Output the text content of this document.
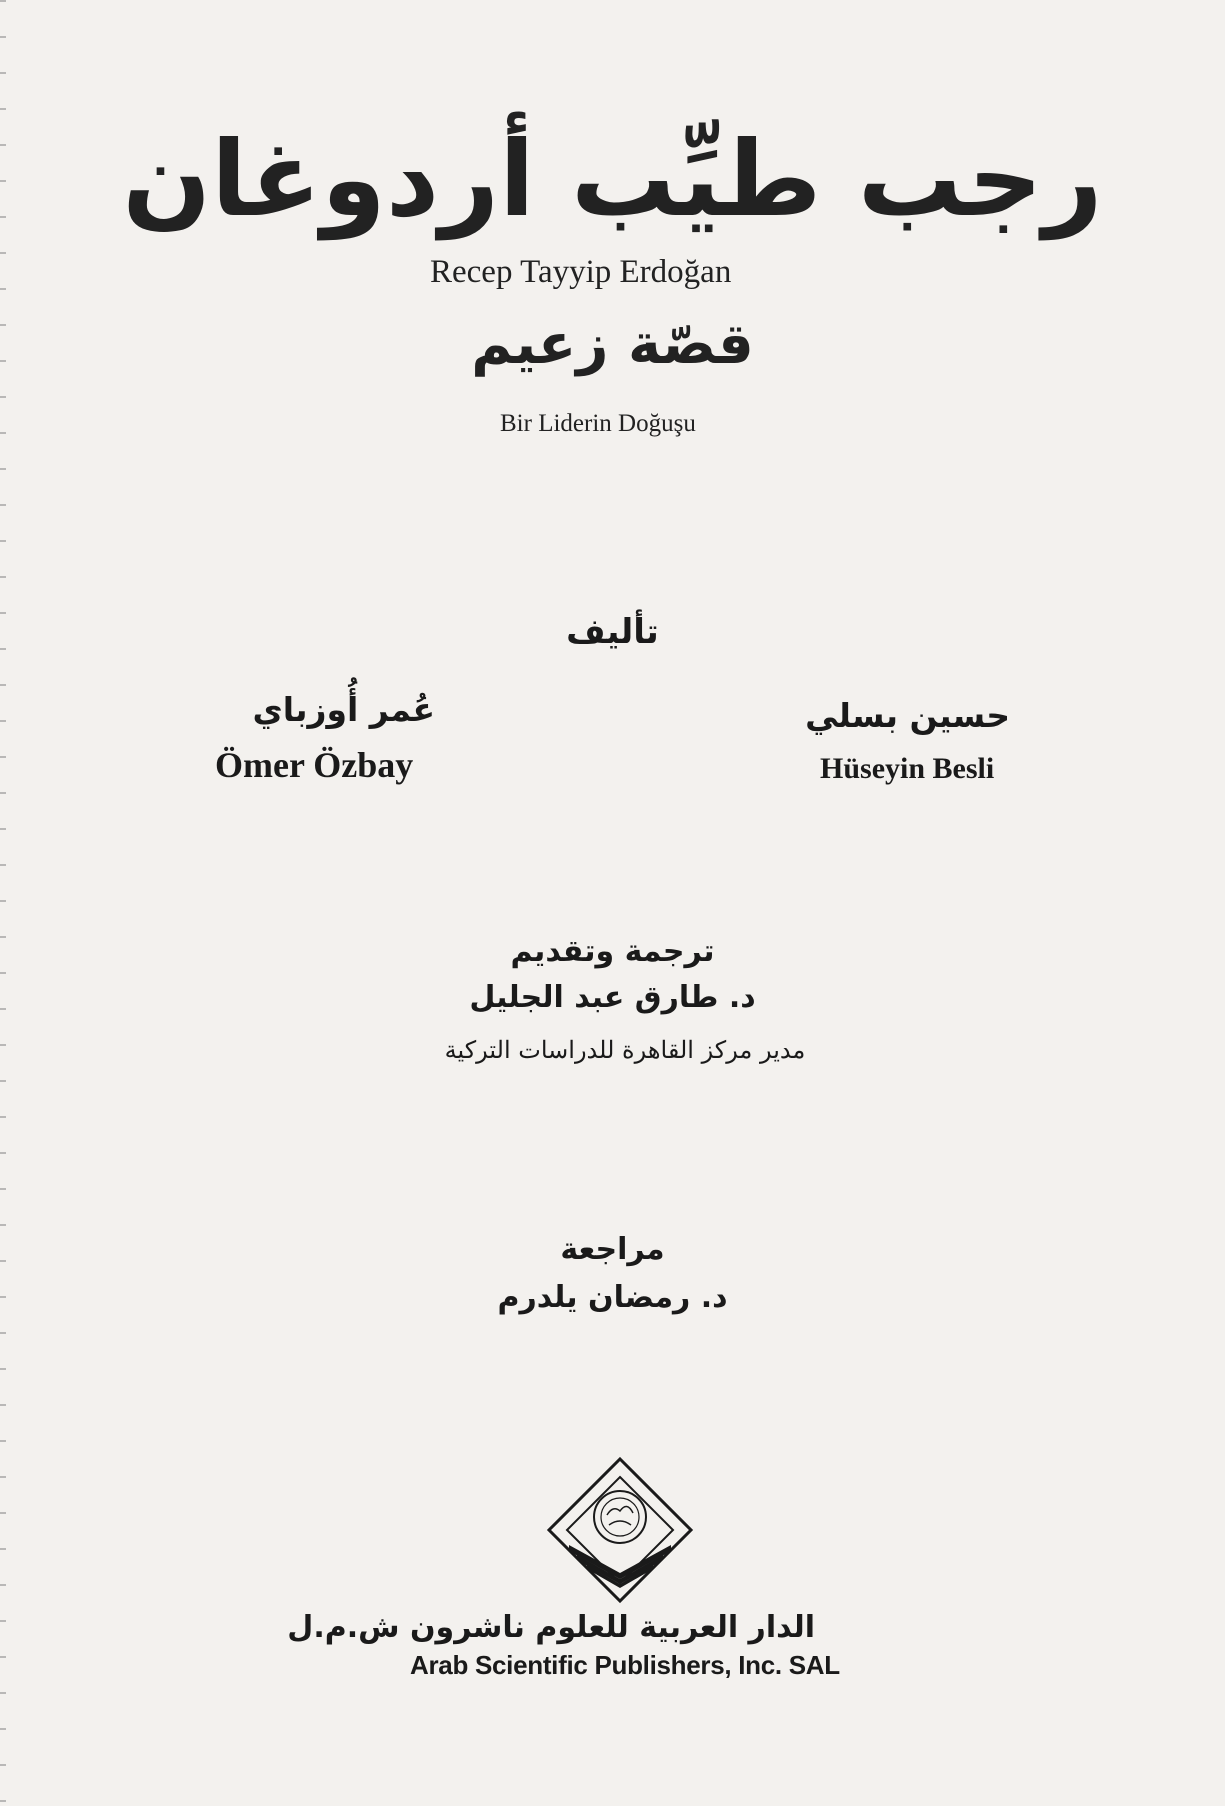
رجب طيِّب أردوغان
Recep Tayyip Erdoğan
قصّة زعيم
Bir Liderin Doğuşu
تأليف
حسين بسلي
Hüseyin Besli
عُمر أُوزباي
Ömer Özbay
ترجمة وتقديم
د. طارق عبد الجليل
مدير مركز القاهرة للدراسات التركية
مراجعة
د. رمضان يلدرم
الدار العربية للعلوم ناشرون ش.م.ل
Arab Scientific Publishers, Inc. SAL
